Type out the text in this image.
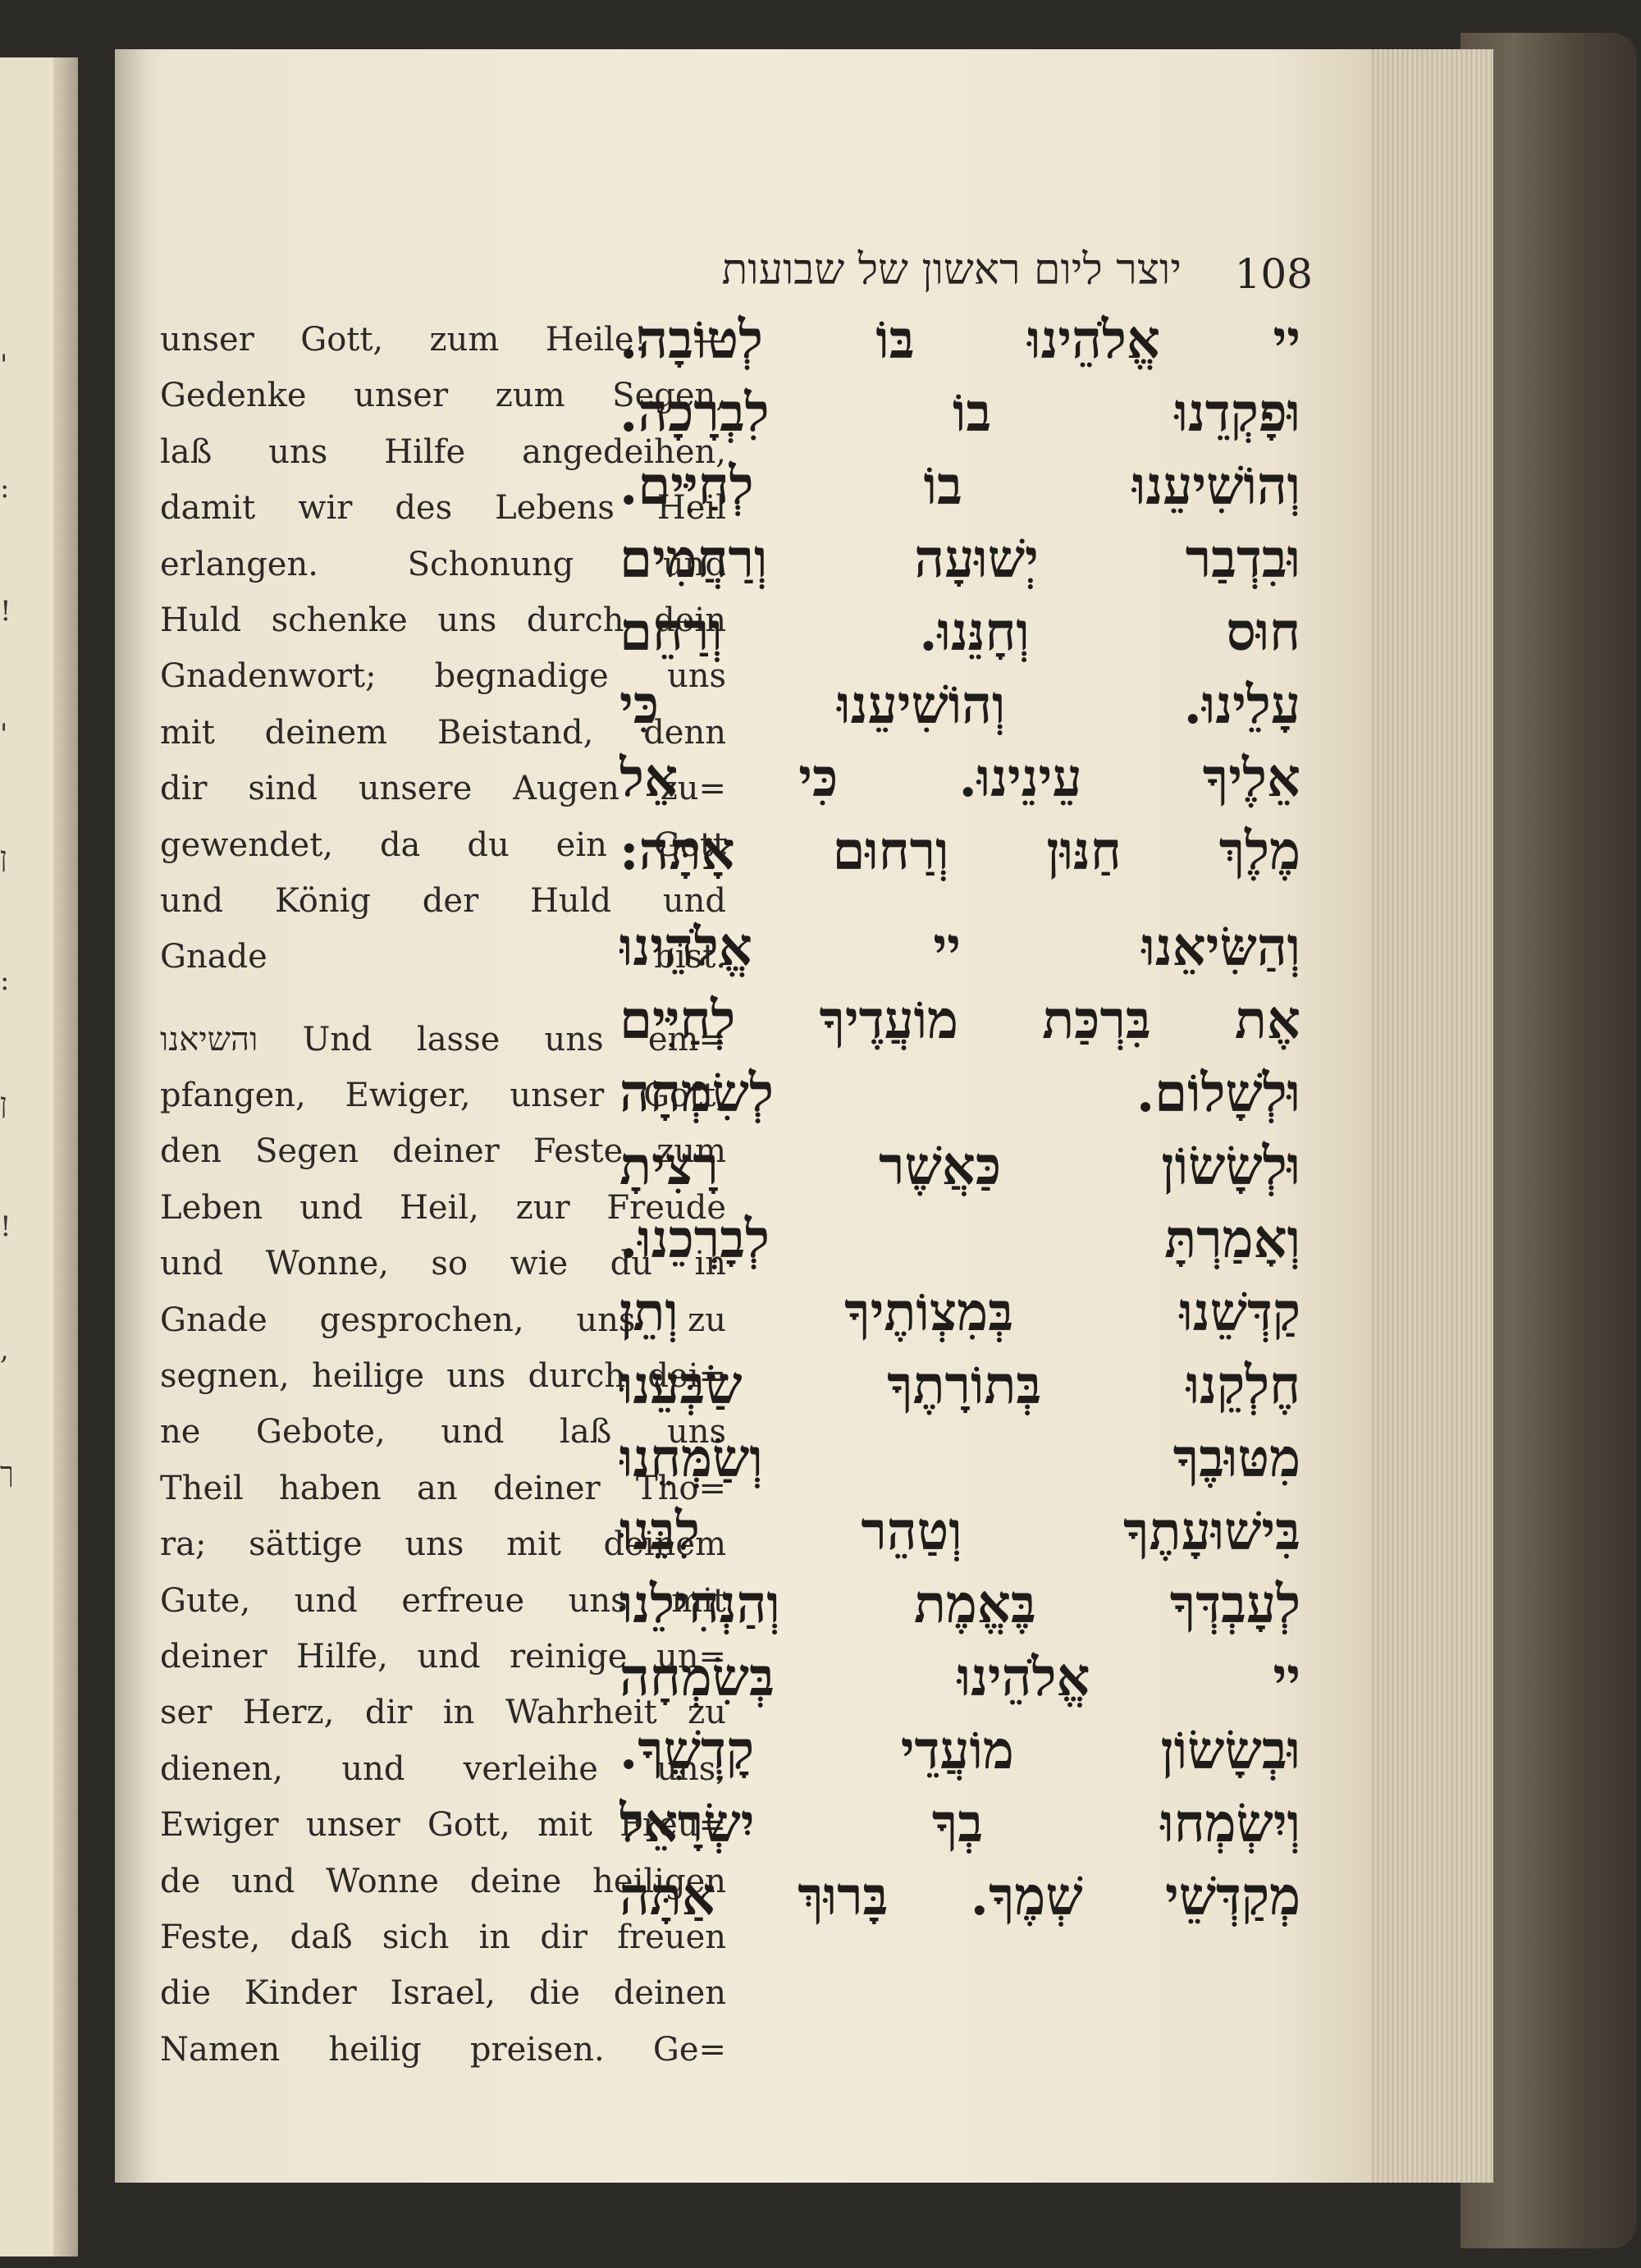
'
:
!
'
ן
:
ן
!
,
ך
יוצר ליום ראשון של שבועות 108
unser Gott, zum Heile! —
Gedenke unser zum Segen,
laß uns Hilfe angedeihen,
damit wir des Lebens Heil
erlangen. Schonung und
Huld schenke uns durch dein
Gnadenwort; begnadige uns
mit deinem Beistand, denn
dir sind unsere Augen zu=
gewendet, da du ein Gott
und König der Huld und
Gnade bist.
והשיאנו Und lasse uns em=
pfangen, Ewiger, unser Gott,
den Segen deiner Feste zum
Leben und Heil, zur Freude
und Wonne, so wie du in
Gnade gesprochen, uns zu
segnen, heilige uns durch dei=
ne Gebote, und laß uns
Theil haben an deiner Tho=
ra; sättige uns mit deinem
Gute, und erfreue uns mit
deiner Hilfe, und reinige un=
ser Herz, dir in Wahrheit zu
dienen, und verleihe uns,
Ewiger unser Gott, mit Freu=
de und Wonne deine heiligen
Feste, daß sich in dir freuen
die Kinder Israel, die deinen
Namen heilig preisen. Ge=
יי אֱלֹהֵינוּ בּוֹ לְטוֹבָה.
וּפָקְדֵנוּ בוֹ לִבְרָכָה.
וְהוֹשִׁיעֵנוּ בוֹ לְחַיִּים.
וּבִדְבַר יְשׁוּעָה וְרַחֲמִים
חוּס וְחָנֵּנוּ. וְרַחֵם
עָלֵינוּ. וְהוֹשִׁיעֵנוּ כִּי
אֵלֶיךָ עֵינֵינוּ. כִּי אֵל
מֶלֶךְ חַנּוּן וְרַחוּם אָתָּה:
וְהַשִּׂיאֵנוּ יי אֱלֹהֵינוּ
אֶת בִּרְכַּת מוֹעֲדֶיךָ לְחַיִּים
וּלְשָׁלוֹם. לְשִׂמְחָה
וּלְשָׂשׂוֹן כַּאֲשֶׁר רָצִיתָ
וְאָמַרְתָּ לְבָרְכֵנוּ.
קַדְּשֵׁנוּ בְּמִצְוֹתֶיךָ וְתֵן
חֶלְקֵנוּ בְּתוֹרָתֶךָ שַׂבְּעֵנוּ
מִטּוּבֶךָ וְשַׂמְּחֵנוּ
בִּישׁוּעָתֶךָ וְטַהֵר לִבֵּנוּ
לְעָבְדְּךָ בֶּאֱמֶת וְהַנְחִילֵנוּ
יי אֱלֹהֵינוּ בְּשִׂמְחָה
וּבְשָׂשׂוֹן מוֹעֲדֵי קָדְשֶׁךָ.
וְיִשְׂמְחוּ בְךָ יִשְׂרָאֵל
מְקַדְּשֵׁי שְׁמֶךָ. בָּרוּךְ אַתָּה
